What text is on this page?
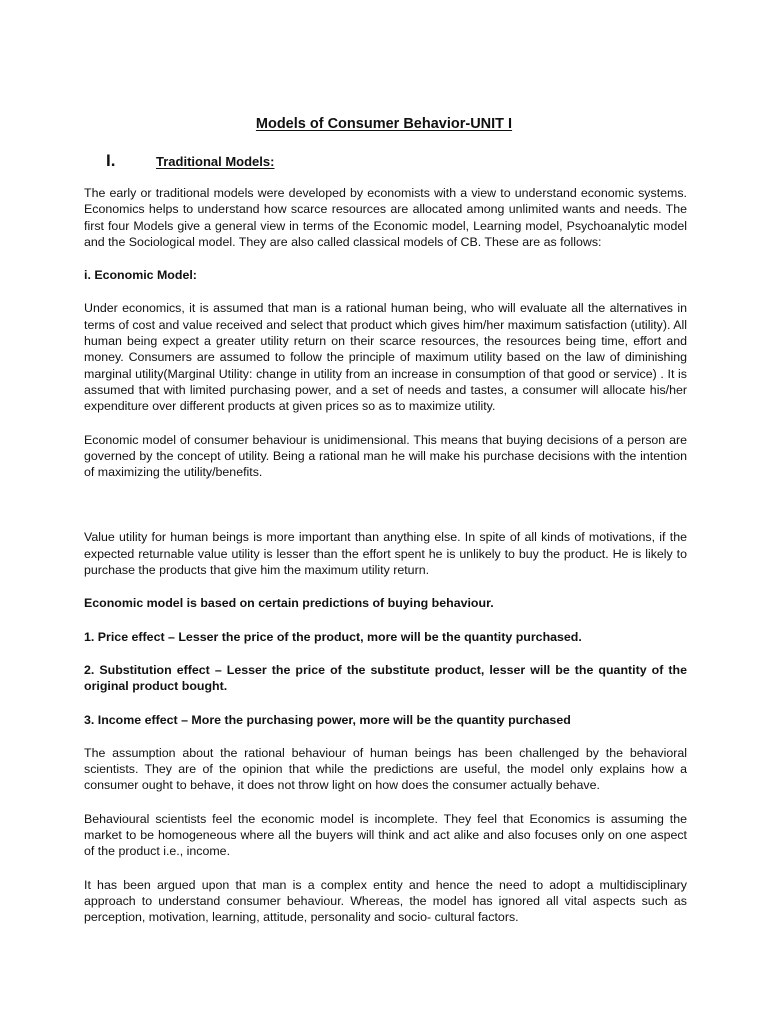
Models of Consumer Behavior-UNIT I
I.	Traditional Models:

The early or traditional models were developed by economists with a view to understand economic systems. Economics helps to understand how scarce resources are allocated among unlimited wants and needs. The first four Models give a general view in terms of the Economic model, Learning model, Psychoanalytic model and the Sociological model. They are also called classical models of CB. These are as follows:

i. Economic Model:

Under economics, it is assumed that man is a rational human being, who will evaluate all the alternatives in terms of cost and value received and select that product which gives him/her maximum satisfaction (utility). All human being expect a greater utility return on their scarce resources, the resources being time, effort and money. Consumers are assumed to follow the principle of maximum utility based on the law of diminishing marginal utility(Marginal Utility: change in utility from an increase in consumption of that good or service) . It is assumed that with limited purchasing power, and a set of needs and tastes, a consumer will allocate his/her expenditure over different products at given prices so as to maximize utility.

Economic model of consumer behaviour is unidimensional. This means that buying decisions of a person are governed by the concept of utility. Being a rational man he will make his purchase decisions with the intention of maximizing the utility/benefits.

Value utility for human beings is more important than anything else. In spite of all kinds of motivations, if the expected returnable value utility is lesser than the effort spent he is unlikely to buy the product. He is likely to purchase the products that give him the maximum utility return.

Economic model is based on certain predictions of buying behaviour.

1. Price effect – Lesser the price of the product, more will be the quantity purchased.

2. Substitution effect – Lesser the price of the substitute product, lesser will be the quantity of the original product bought.

3. Income effect – More the purchasing power, more will be the quantity purchased

The assumption about the rational behaviour of human beings has been challenged by the behavioral scientists. They are of the opinion that while the predictions are useful, the model only explains how a consumer ought to behave, it does not throw light on how does the consumer actually behave.

Behavioural scientists feel the economic model is incomplete. They feel that Economics is assuming the market to be homogeneous where all the buyers will think and act alike and also focuses only on one aspect of the product i.e., income.

It has been argued upon that man is a complex entity and hence the need to adopt a multidisciplinary approach to understand consumer behaviour. Whereas, the model has ignored all vital aspects such as perception, motivation, learning, attitude, personality and socio- cultural factors.
